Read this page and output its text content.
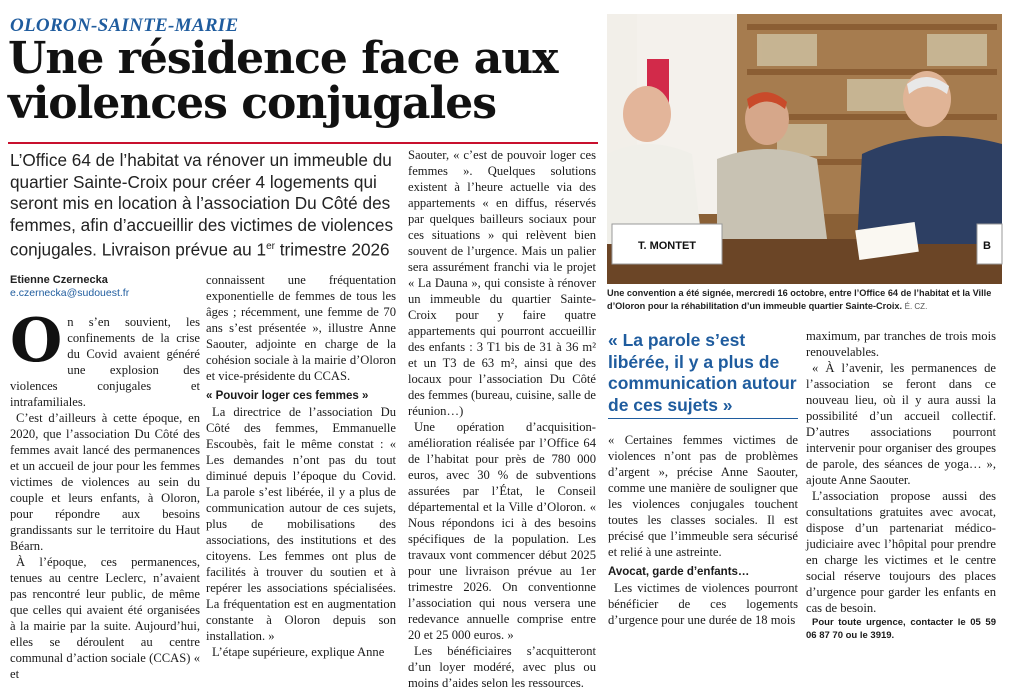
OLORON-SAINTE-MARIE
Une résidence face aux violences conjugales
L’Office 64 de l’habitat va rénover un immeuble du quartier Sainte-Croix pour créer 4 logements qui seront mis en location à l’association Du Côté des femmes, afin d’accueillir des victimes de violences conjugales. Livraison prévue au 1er trimestre 2026
Etienne Czernecka
e.czernecka@sudouest.fr

On s’en souvient, les confinements de la crise du Covid avaient généré une explosion des violences conjugales et intrafamiliales.

C’est d’ailleurs à cette époque, en 2020, que l’association Du Côté des femmes avait lancé des permanences et un accueil de jour pour les femmes victimes de violences au sein du couple et leurs enfants, à Oloron, pour répondre aux besoins grandissants sur le territoire du Haut Béarn.

À l’époque, ces permanences, tenues au centre Leclerc, n’avaient pas rencontré leur public, de même que celles qui avaient été organisées à la mairie par la suite. Aujourd’hui, elles se déroulent au centre communal d’action sociale (CCAS) « et

connaissent une fréquentation exponentielle de femmes de tous les âges ; récemment, une femme de 70 ans s’est présentée », illustre Anne Saouter, adjointe en charge de la cohésion sociale à la mairie d’Oloron et vice-présidente du CCAS.

« Pouvoir loger ces femmes »

La directrice de l’association Du Côté des femmes, Emmanuelle Escoubès, fait le même constat : « Les demandes n’ont pas du tout diminué depuis l’époque du Covid. La parole s’est libérée, il y a plus de communication autour de ces sujets, plus de mobilisations des associations, des institutions et des citoyens. Les femmes ont plus de facilités à trouver du soutien et à repérer les associations spécialisées. La fréquentation est en augmentation constante à Oloron depuis son installation. »

L’étape supérieure, explique Anne

Saouter, « c’est de pouvoir loger ces femmes ». Quelques solutions existent à l’heure actuelle via des appartements « en diffus, réservés par quelques bailleurs sociaux pour ces situations » qui relèvent bien souvent de l’urgence. Mais un palier sera assurément franchi via le projet « La Dauna », qui consiste à rénover un immeuble du quartier Sainte-Croix pour y faire quatre appartements qui pourront accueillir des enfants : 3 T1 bis de 31 à 36 m² et un T3 de 63 m², ainsi que des locaux pour l’association Du Côté des femmes (bureau, cuisine, salle de réunion…)

Une opération d’acquisition-amélioration réalisée par l’Office 64 de l’habitat pour près de 780 000 euros, avec 30 % de subventions assurées par l’État, le Conseil départemental et la Ville d’Oloron. « Nous répondons ici à des besoins spécifiques de la population. Les travaux vont commencer début 2025 pour une livraison prévue au 1er trimestre 2026. On conventionne l’association qui nous versera une redevance annuelle comprise entre 20 et 25 000 euros. »

Les bénéficiaires s’acquitteront d’un loyer modéré, avec plus ou moins d’aides selon les ressources.

T. MONTET	B
Une convention a été signée, mercredi 16 octobre, entre l’Office 64 de l’habitat et la Ville d’Oloron pour la réhabilitation d’un immeuble quartier Sainte-Croix. É. CZ.
« La parole s’est libérée, il y a plus de communication autour de ces sujets »

« Certaines femmes victimes de violences n’ont pas de problèmes d’argent », précise Anne Saouter, comme une manière de souligner que les violences conjugales touchent toutes les classes sociales. Il est précisé que l’immeuble sera sécurisé et relié à une astreinte.

Avocat, garde d’enfants…

Les victimes de violences pourront bénéficier de ces logements d’urgence pour une durée de 18 mois

maximum, par tranches de trois mois renouvelables.

« À l’avenir, les permanences de l’association se feront dans ce nouveau lieu, où il y aura aussi la possibilité d’un accueil collectif. D’autres associations pourront intervenir pour organiser des groupes de parole, des séances de yoga… », ajoute Anne Saouter.

L’association propose aussi des consultations gratuites avec avocat, dispose d’un partenariat médico-judiciaire avec l’hôpital pour prendre en charge les victimes et le centre social réserve toujours des places d’urgence pour garder les enfants en cas de besoin.

Pour toute urgence, contacter le 05 59 06 87 70 ou le 3919.
